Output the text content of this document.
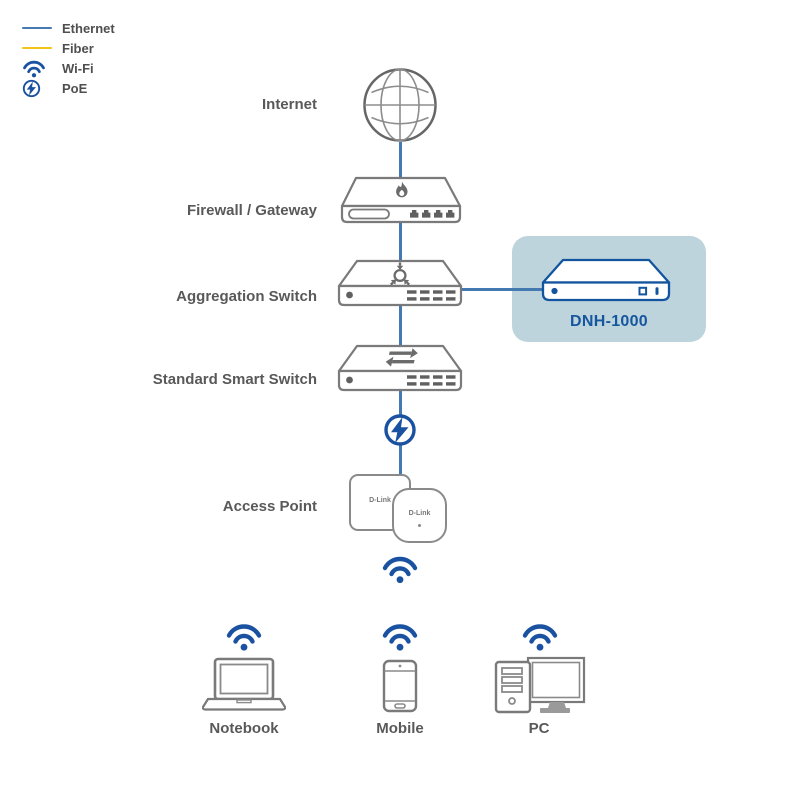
Ethernet
Fiber
Wi-Fi
PoE
Internet
Firewall / Gateway
Aggregation Switch
DNH-1000
Standard Smart Switch
Access Point	D-Link
D-Link
Notebook	Mobile	PC
